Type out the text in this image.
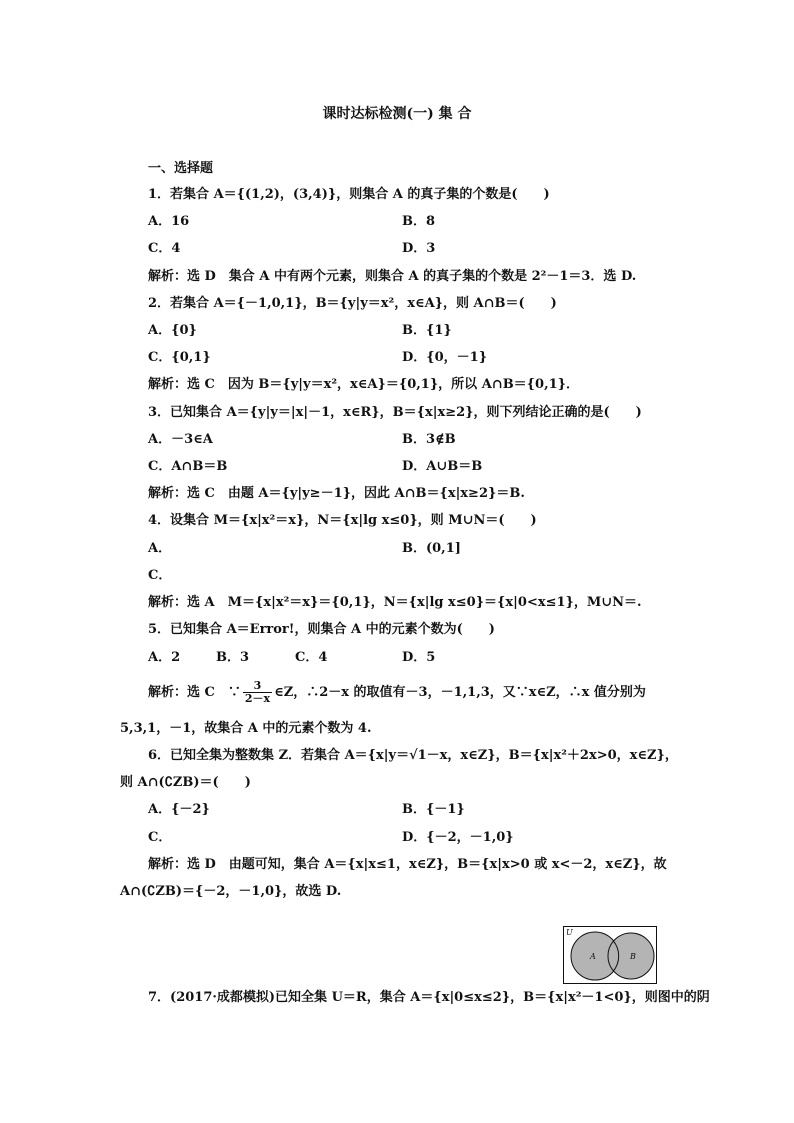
课时达标检测(一) 集 合
一、选择题
1．若集合 A＝{(1,2)，(3,4)}，则集合 A 的真子集的个数是(　　)
A．16	B．8
C．4	D．3
解析：选 D　集合 A 中有两个元素，则集合 A 的真子集的个数是 2²－1＝3．选 D.
2．若集合 A＝{－1,0,1}，B＝{y|y＝x²，x∈A}，则 A∩B＝(　　)
A．{0}	B．{1}
C．{0,1}	D．{0，－1}
解析：选 C　因为 B＝{y|y＝x²，x∈A}＝{0,1}，所以 A∩B＝{0,1}．
3．已知集合 A＝{y|y＝|x|－1，x∈R}，B＝{x|x≥2}，则下列结论正确的是(　　)
A．－3∈A	B．3∉B
C．A∩B＝B	D．A∪B＝B
解析：选 C　由题 A＝{y|y≥－1}，因此 A∩B＝{x|x≥2}＝B.
4．设集合 M＝{x|x²＝x}，N＝{x|lg x≤0}，则 M∪N＝(　　)
A．	B．(0,1]
C．
解析：选 A　M＝{x|x²＝x}＝{0,1}，N＝{x|lg x≤0}＝{x|0<x≤1}，M∪N＝.
5．已知集合 A＝Error!，则集合 A 中的元素个数为(　　)
A．2	B．3	C．4	D．5
解析：选 C　∵ $\frac{3}{2-x}$ ∈Z，∴2－x 的取值有－3，－1,1,3，又∵x∈Z，∴x 值分别为
5,3,1，－1，故集合 A 中的元素个数为 4.
6．已知全集为整数集 Z．若集合 A＝{x|y＝√1－x，x∈Z}，B＝{x|x²＋2x>0，x∈Z}，
则 A∩(∁ZB)＝(　　)
A．{－2}	B．{－1}
C．	D．{－2，－1,0}
解析：选 D　由题可知，集合 A＝{x|x≤1，x∈Z}，B＝{x|x>0 或 x<－2，x∈Z}，故
A∩(∁ZB)＝{－2，－1,0}，故选 D.
U
A	B
7．(2017·成都模拟)已知全集 U＝R，集合 A＝{x|0≤x≤2}，B＝{x|x²－1<0}，则图中的阴
